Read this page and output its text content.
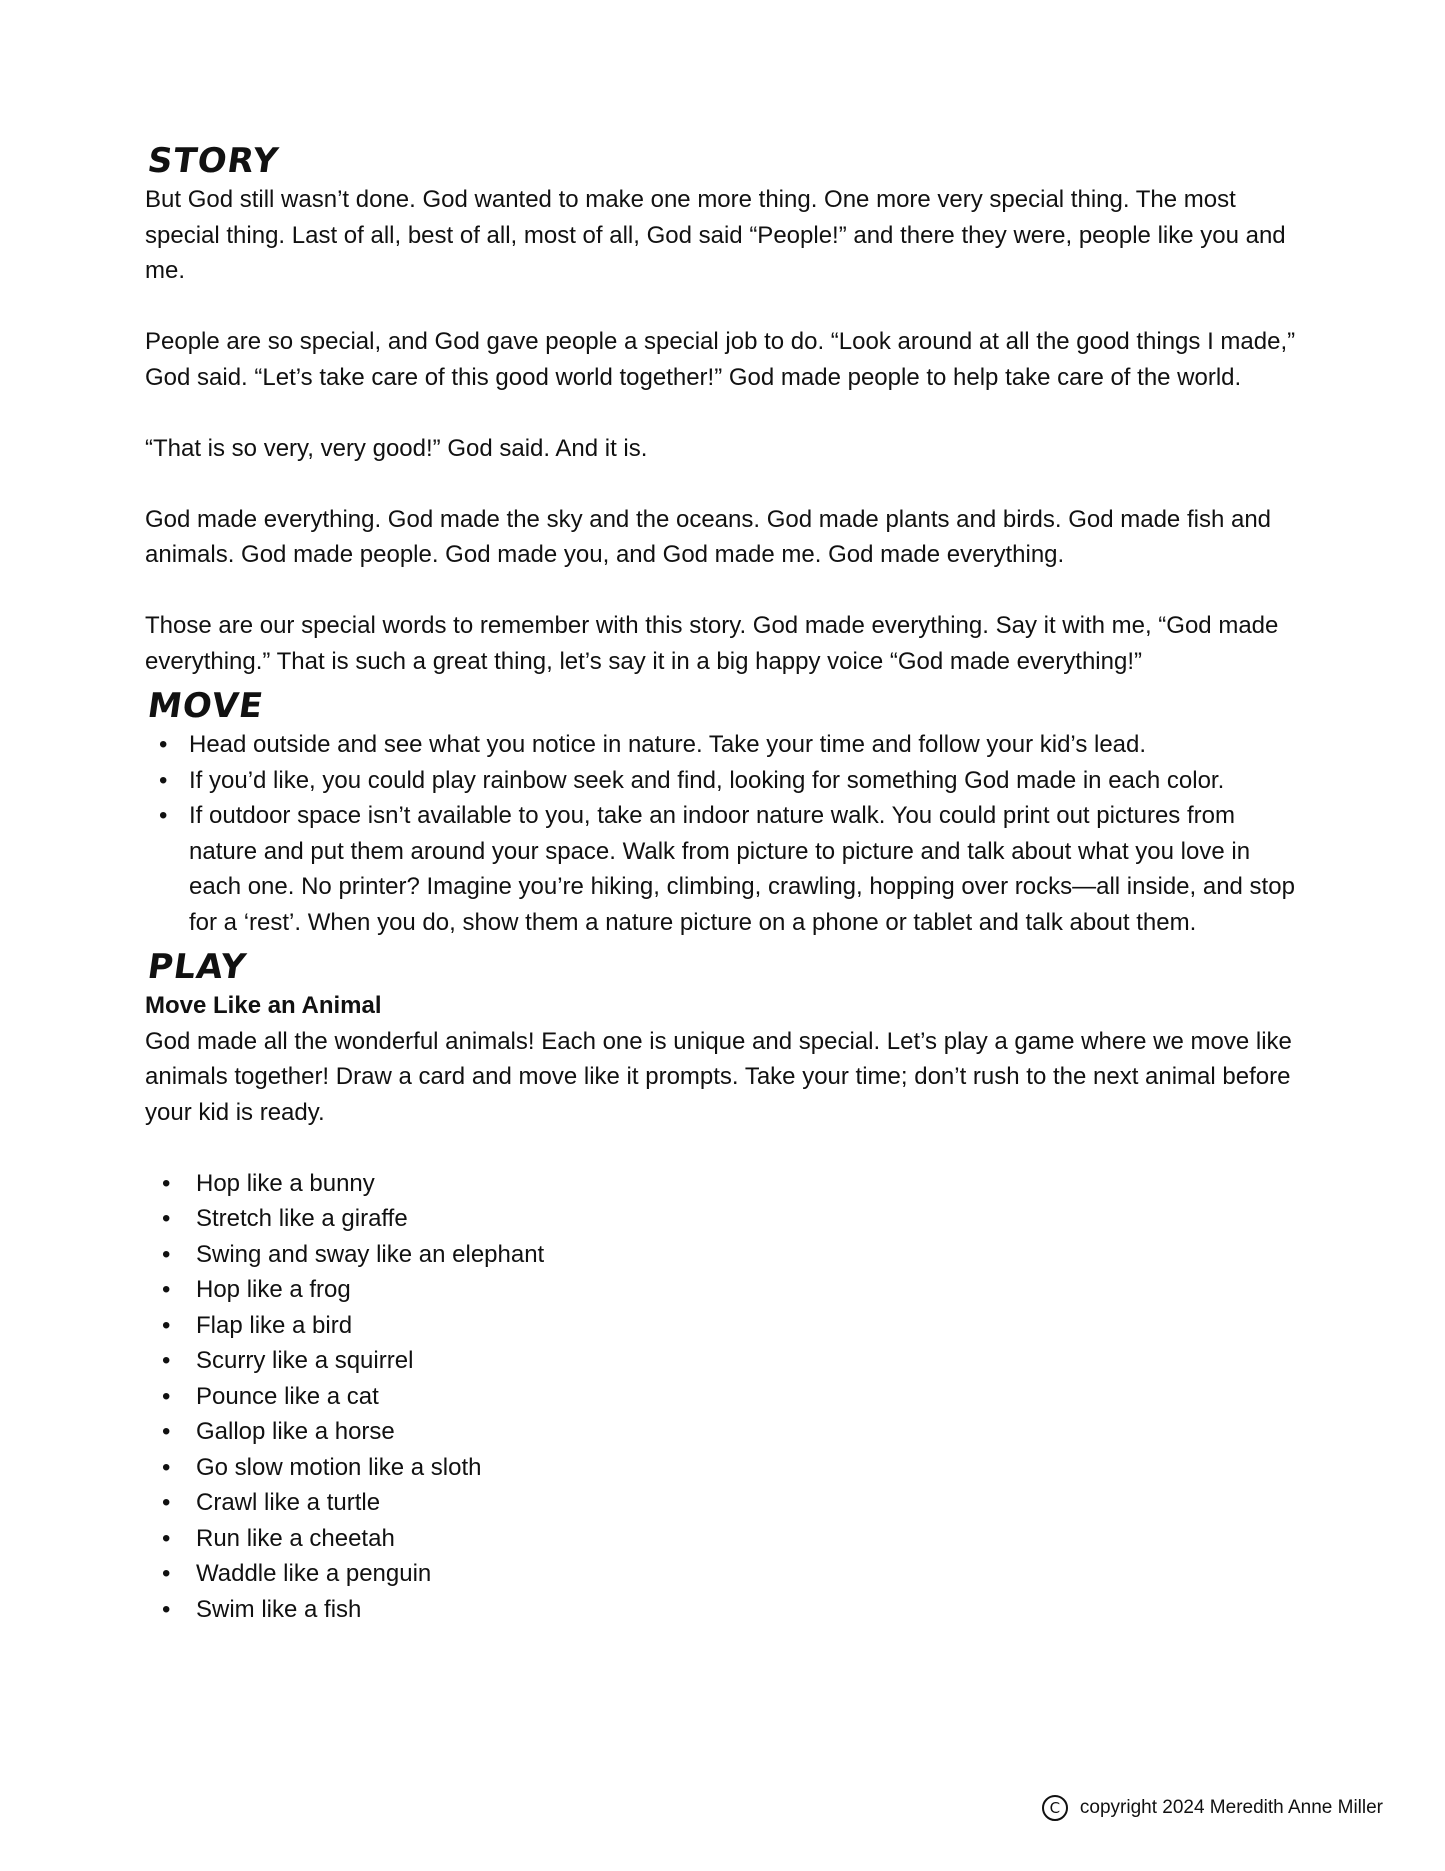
STORY

But God still wasn’t done. God wanted to make one more thing. One more very special thing. The most special thing. Last of all, best of all, most of all, God said “People!” and there they were, people like you and me.

People are so special, and God gave people a special job to do. “Look around at all the good things I made,” God said. “Let’s take care of this good world together!” God made people to help take care of the world.

“That is so very, very good!” God said. And it is.

God made everything. God made the sky and the oceans. God made plants and birds. God made fish and animals. God made people. God made you, and God made me. God made everything.

Those are our special words to remember with this story. God made everything. Say it with me, “God made everything.” That is such a great thing, let’s say it in a big happy voice “God made everything!”

MOVE
• Head outside and see what you notice in nature. Take your time and follow your kid’s lead.
• If you’d like, you could play rainbow seek and find, looking for something God made in each color.
• If outdoor space isn’t available to you, take an indoor nature walk. You could print out pictures from nature and put them around your space. Walk from picture to picture and talk about what you love in each one. No printer? Imagine you’re hiking, climbing, crawling, hopping over rocks—all inside, and stop for a ‘rest’. When you do, show them a nature picture on a phone or tablet and talk about them.
PLAY

Move Like an Animal

God made all the wonderful animals! Each one is unique and special. Let’s play a game where we move like animals together! Draw a card and move like it prompts. Take your time; don’t rush to the next animal before your kid is ready.

• Hop like a bunny
• Stretch like a giraffe
• Swing and sway like an elephant
• Hop like a frog
• Flap like a bird
• Scurry like a squirrel
• Pounce like a cat
• Gallop like a horse
• Go slow motion like a sloth
• Crawl like a turtle
• Run like a cheetah
• Waddle like a penguin
• Swim like a fish
C	copyright 2024 Meredith Anne Miller
